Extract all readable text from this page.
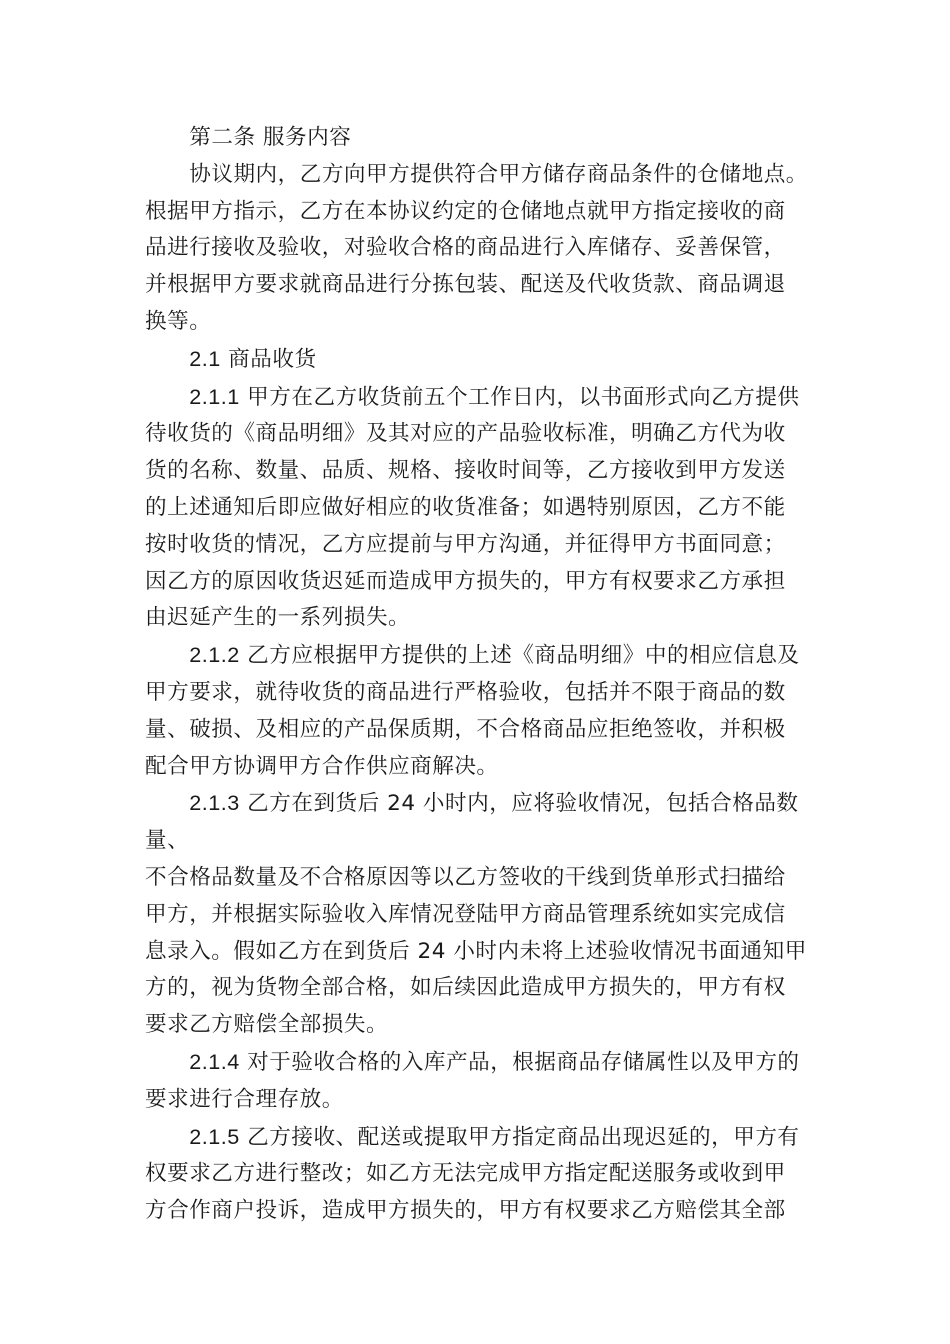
第二条 服务内容

协议期内，乙方向甲方提供符合甲方储存商品条件的仓储地点。
根据甲方指示，乙方在本协议约定的仓储地点就甲方指定接收的商
品进行接收及验收，对验收合格的商品进行入库储存、妥善保管，
并根据甲方要求就商品进行分拣包装、配送及代收货款、商品调退
换等。

2.1 商品收货

2.1.1 甲方在乙方收货前五个工作日内，以书面形式向乙方提供
待收货的《商品明细》及其对应的产品验收标准，明确乙方代为收
货的名称、数量、品质、规格、接收时间等，乙方接收到甲方发送
的上述通知后即应做好相应的收货准备；如遇特别原因，乙方不能
按时收货的情况，乙方应提前与甲方沟通，并征得甲方书面同意；
因乙方的原因收货迟延而造成甲方损失的，甲方有权要求乙方承担
由迟延产生的一系列损失。

2.1.2 乙方应根据甲方提供的上述《商品明细》中的相应信息及
甲方要求，就待收货的商品进行严格验收，包括并不限于商品的数
量、破损、及相应的产品保质期，不合格商品应拒绝签收，并积极
配合甲方协调甲方合作供应商解决。

2.1.3 乙方在到货后 24 小时内，应将验收情况，包括合格品数量、
不合格品数量及不合格原因等以乙方签收的干线到货单形式扫描给
甲方，并根据实际验收入库情况登陆甲方商品管理系统如实完成信
息录入。假如乙方在到货后 24 小时内未将上述验收情况书面通知甲
方的，视为货物全部合格，如后续因此造成甲方损失的，甲方有权
要求乙方赔偿全部损失。

2.1.4 对于验收合格的入库产品，根据商品存储属性以及甲方的
要求进行合理存放。

2.1.5 乙方接收、配送或提取甲方指定商品出现迟延的，甲方有
权要求乙方进行整改；如乙方无法完成甲方指定配送服务或收到甲
方合作商户投诉，造成甲方损失的，甲方有权要求乙方赔偿其全部
